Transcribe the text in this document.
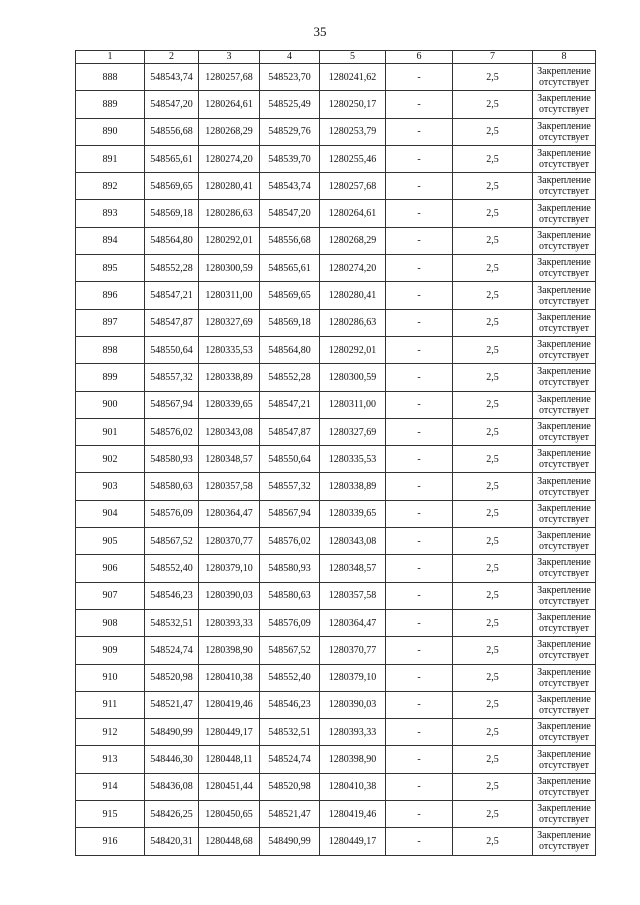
35
1	2	3	4	5	6	7	8
888	548543,74	1280257,68	548523,70	1280241,62	-	2,5	Закрепление отсутствует
889	548547,20	1280264,61	548525,49	1280250,17	-	2,5	Закрепление отсутствует
890	548556,68	1280268,29	548529,76	1280253,79	-	2,5	Закрепление отсутствует
891	548565,61	1280274,20	548539,70	1280255,46	-	2,5	Закрепление отсутствует
892	548569,65	1280280,41	548543,74	1280257,68	-	2,5	Закрепление отсутствует
893	548569,18	1280286,63	548547,20	1280264,61	-	2,5	Закрепление отсутствует
894	548564,80	1280292,01	548556,68	1280268,29	-	2,5	Закрепление отсутствует
895	548552,28	1280300,59	548565,61	1280274,20	-	2,5	Закрепление отсутствует
896	548547,21	1280311,00	548569,65	1280280,41	-	2,5	Закрепление отсутствует
897	548547,87	1280327,69	548569,18	1280286,63	-	2,5	Закрепление отсутствует
898	548550,64	1280335,53	548564,80	1280292,01	-	2,5	Закрепление отсутствует
899	548557,32	1280338,89	548552,28	1280300,59	-	2,5	Закрепление отсутствует
900	548567,94	1280339,65	548547,21	1280311,00	-	2,5	Закрепление отсутствует
901	548576,02	1280343,08	548547,87	1280327,69	-	2,5	Закрепление отсутствует
902	548580,93	1280348,57	548550,64	1280335,53	-	2,5	Закрепление отсутствует
903	548580,63	1280357,58	548557,32	1280338,89	-	2,5	Закрепление отсутствует
904	548576,09	1280364,47	548567,94	1280339,65	-	2,5	Закрепление отсутствует
905	548567,52	1280370,77	548576,02	1280343,08	-	2,5	Закрепление отсутствует
906	548552,40	1280379,10	548580,93	1280348,57	-	2,5	Закрепление отсутствует
907	548546,23	1280390,03	548580,63	1280357,58	-	2,5	Закрепление отсутствует
908	548532,51	1280393,33	548576,09	1280364,47	-	2,5	Закрепление отсутствует
909	548524,74	1280398,90	548567,52	1280370,77	-	2,5	Закрепление отсутствует
910	548520,98	1280410,38	548552,40	1280379,10	-	2,5	Закрепление отсутствует
911	548521,47	1280419,46	548546,23	1280390,03	-	2,5	Закрепление отсутствует
912	548490,99	1280449,17	548532,51	1280393,33	-	2,5	Закрепление отсутствует
913	548446,30	1280448,11	548524,74	1280398,90	-	2,5	Закрепление отсутствует
914	548436,08	1280451,44	548520,98	1280410,38	-	2,5	Закрепление отсутствует
915	548426,25	1280450,65	548521,47	1280419,46	-	2,5	Закрепление отсутствует
916	548420,31	1280448,68	548490,99	1280449,17	-	2,5	Закрепление отсутствует
